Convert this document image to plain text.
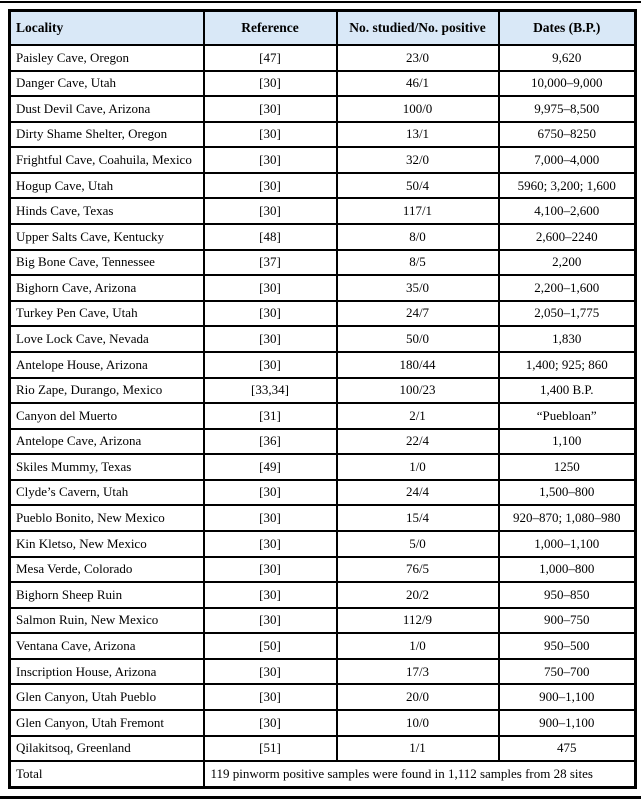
Locality	Reference	No. studied/No. positive	Dates (B.P.)
Paisley Cave, Oregon	[47]	23/0	9,620
Danger Cave, Utah	[30]	46/1	10,000–9,000
Dust Devil Cave, Arizona	[30]	100/0	9,975–8,500
Dirty Shame Shelter, Oregon	[30]	13/1	6750–8250
Frightful Cave, Coahuila, Mexico	[30]	32/0	7,000–4,000
Hogup Cave, Utah	[30]	50/4	5960; 3,200; 1,600
Hinds Cave, Texas	[30]	117/1	4,100–2,600
Upper Salts Cave, Kentucky	[48]	8/0	2,600–2240
Big Bone Cave, Tennessee	[37]	8/5	2,200
Bighorn Cave, Arizona	[30]	35/0	2,200–1,600
Turkey Pen Cave, Utah	[30]	24/7	2,050–1,775
Love Lock Cave, Nevada	[30]	50/0	1,830
Antelope House, Arizona	[30]	180/44	1,400; 925; 860
Rio Zape, Durango, Mexico	[33,34]	100/23	1,400 B.P.
Canyon del Muerto	[31]	2/1	“Puebloan”
Antelope Cave, Arizona	[36]	22/4	1,100
Skiles Mummy, Texas	[49]	1/0	1250
Clyde’s Cavern, Utah	[30]	24/4	1,500–800
Pueblo Bonito, New Mexico	[30]	15/4	920–870; 1,080–980
Kin Kletso, New Mexico	[30]	5/0	1,000–1,100
Mesa Verde, Colorado	[30]	76/5	1,000–800
Bighorn Sheep Ruin	[30]	20/2	950–850
Salmon Ruin, New Mexico	[30]	112/9	900–750
Ventana Cave, Arizona	[50]	1/0	950–500
Inscription House, Arizona	[30]	17/3	750–700
Glen Canyon, Utah Pueblo	[30]	20/0	900–1,100
Glen Canyon, Utah Fremont	[30]	10/0	900–1,100
Qilakitsoq, Greenland	[51]	1/1	475
Total	119 pinworm positive samples were found in 1,112 samples from 28 sites		
